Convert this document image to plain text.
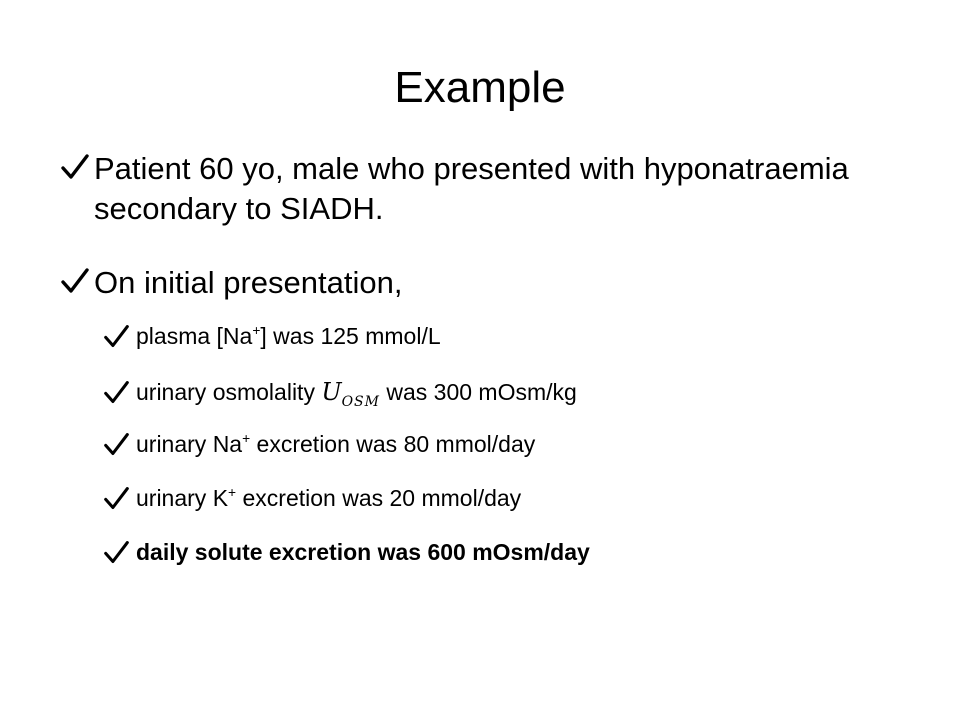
Example
Patient 60 yo, male who presented with hyponatraemia secondary to SIADH.
On initial presentation,
plasma [Na+] was 125 mmol/L
urinary osmolality $U_{OSM}$ was 300 mOsm/kg
urinary Na+ excretion was 80 mmol/day
urinary K+ excretion was 20 mmol/day
daily solute excretion was 600 mOsm/day
